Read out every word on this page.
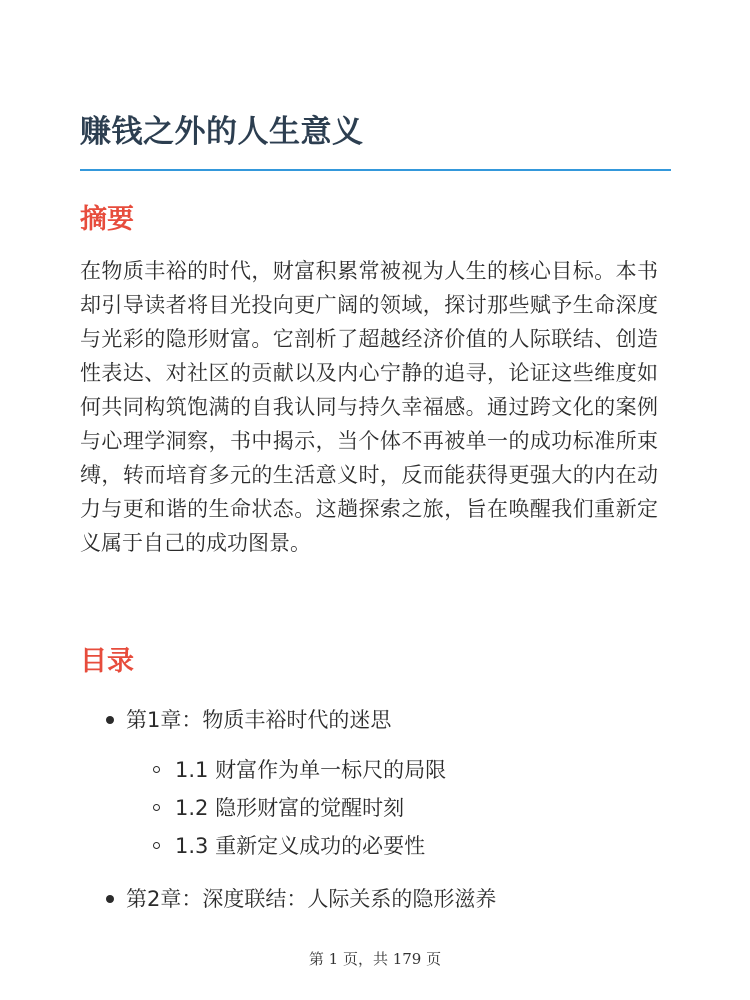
赚钱之外的人生意义
摘要

在物质丰裕的时代，财富积累常被视为人生的核心目标。本书却引导读者将目光投向更广阔的领域，探讨那些赋予生命深度与光彩的隐形财富。它剖析了超越经济价值的人际联结、创造性表达、对社区的贡献以及内心宁静的追寻，论证这些维度如何共同构筑饱满的自我认同与持久幸福感。通过跨文化的案例与心理学洞察，书中揭示，当个体不再被单一的成功标准所束缚，转而培育多元的生活意义时，反而能获得更强大的内在动力与更和谐的生命状态。这趟探索之旅，旨在唤醒我们重新定义属于自己的成功图景。

目录
第1章：物质丰裕时代的迷思
1.1 财富作为单一标尺的局限
1.2 隐形财富的觉醒时刻
1.3 重新定义成功的必要性
第2章：深度联结：人际关系的隐形滋养
第 1 页，共 179 页
